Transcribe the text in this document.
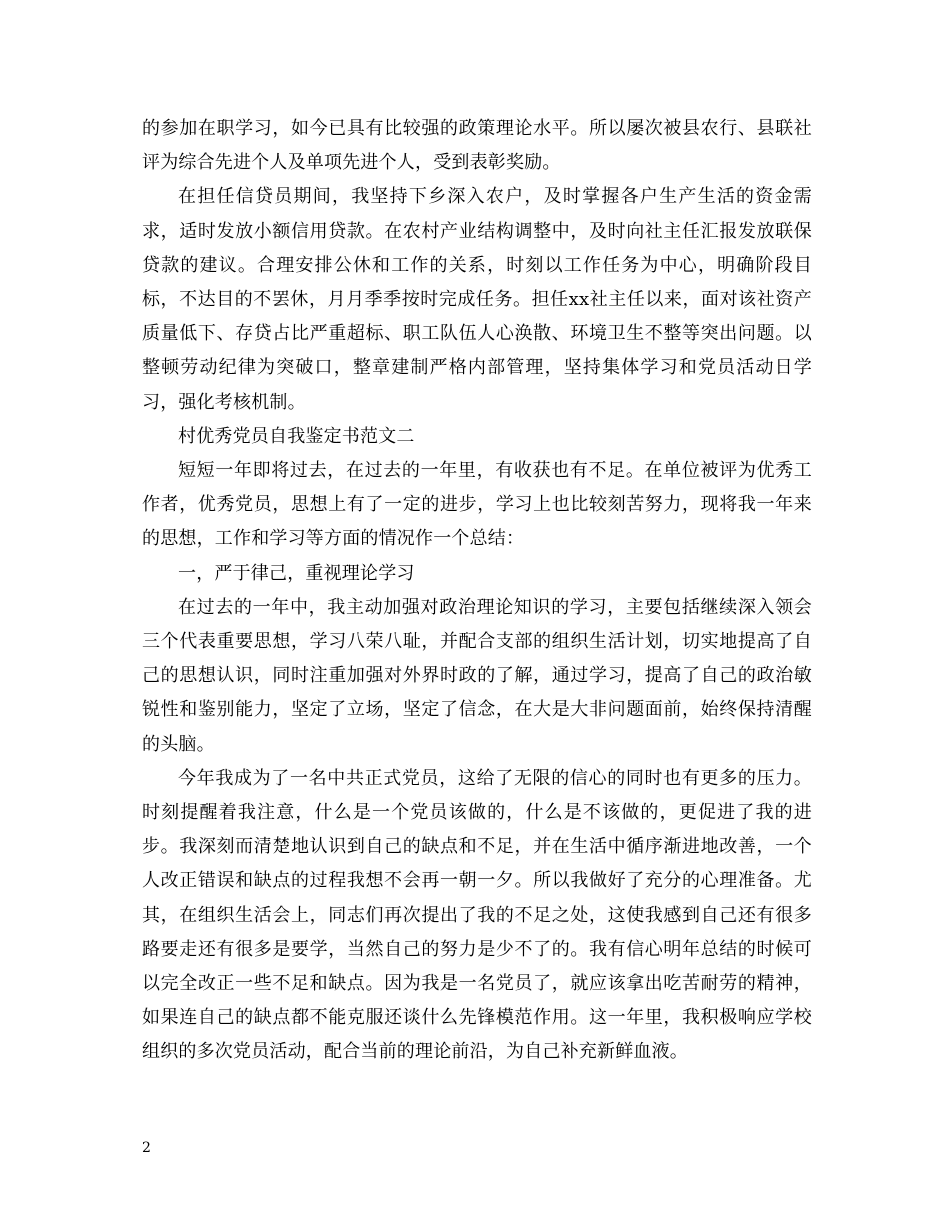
的参加在职学习，如今已具有比较强的政策理论水平。所以屡次被县农行、县联社评为综合先进个人及单项先进个人，受到表彰奖励。

在担任信贷员期间，我坚持下乡深入农户，及时掌握各户生产生活的资金需求，适时发放小额信用贷款。在农村产业结构调整中，及时向社主任汇报发放联保贷款的建议。合理安排公休和工作的关系，时刻以工作任务为中心，明确阶段目标，不达目的不罢休，月月季季按时完成任务。担任xx社主任以来，面对该社资产质量低下、存贷占比严重超标、职工队伍人心涣散、环境卫生不整等突出问题。以整顿劳动纪律为突破口，整章建制严格内部管理，坚持集体学习和党员活动日学习，强化考核机制。

村优秀党员自我鉴定书范文二

短短一年即将过去，在过去的一年里，有收获也有不足。在单位被评为优秀工作者，优秀党员，思想上有了一定的进步，学习上也比较刻苦努力，现将我一年来的思想，工作和学习等方面的情况作一个总结：

一，严于律己，重视理论学习

在过去的一年中，我主动加强对政治理论知识的学习，主要包括继续深入领会三个代表重要思想，学习八荣八耻，并配合支部的组织生活计划，切实地提高了自己的思想认识，同时注重加强对外界时政的了解，通过学习，提高了自己的政治敏锐性和鉴别能力，坚定了立场，坚定了信念，在大是大非问题面前，始终保持清醒的头脑。

今年我成为了一名中共正式党员，这给了无限的信心的同时也有更多的压力。时刻提醒着我注意，什么是一个党员该做的，什么是不该做的，更促进了我的进步。我深刻而清楚地认识到自己的缺点和不足，并在生活中循序渐进地改善，一个人改正错误和缺点的过程我想不会再一朝一夕。所以我做好了充分的心理准备。尤其，在组织生活会上，同志们再次提出了我的不足之处，这使我感到自己还有很多路要走还有很多是要学，当然自己的努力是少不了的。我有信心明年总结的时候可以完全改正一些不足和缺点。因为我是一名党员了，就应该拿出吃苦耐劳的精神，如果连自己的缺点都不能克服还谈什么先锋模范作用。这一年里，我积极响应学校组织的多次党员活动，配合当前的理论前沿，为自己补充新鲜血液。

2
